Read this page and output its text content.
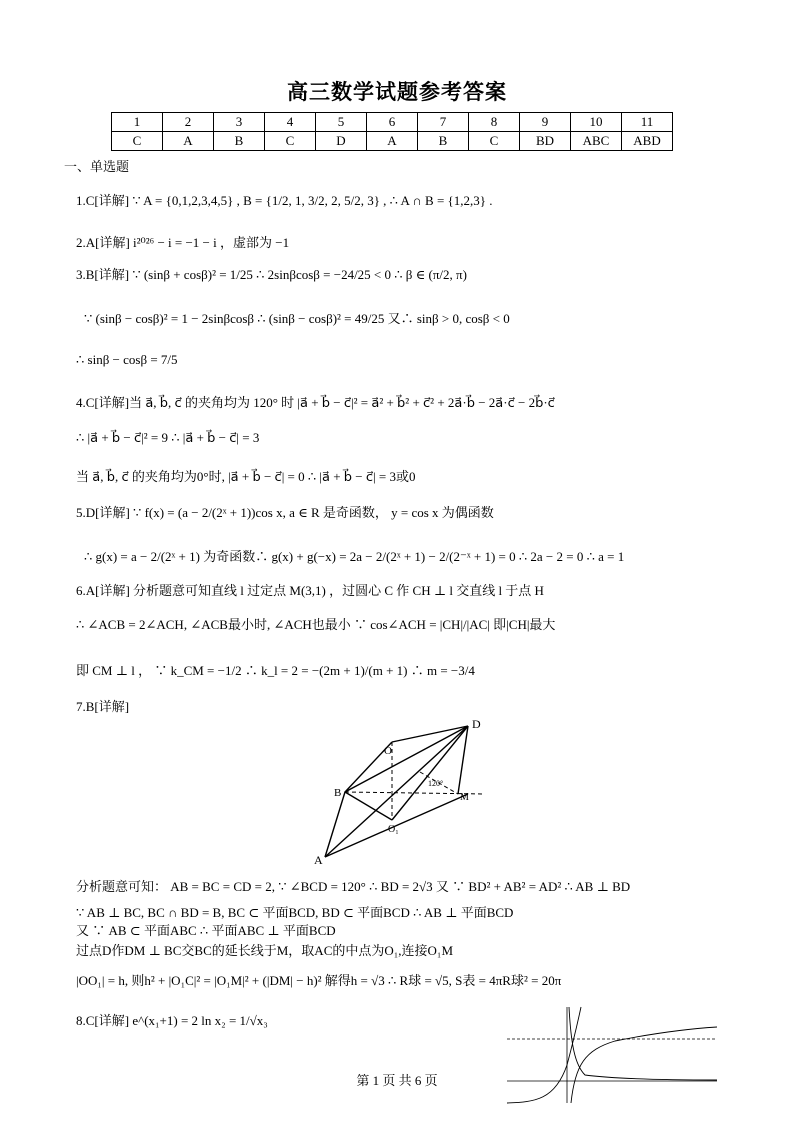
高三数学试题参考答案
1	2	3	4	5	6	7	8	9	10	11
C	A	B	C	D	A	B	C	BD	ABC	ABD
一、单选题
1.C[详解] ∵ A = {0,1,2,3,4,5} , B = {1/2, 1, 3/2, 2, 5/2, 3} , ∴ A ∩ B = {1,2,3} .
2.A[详解] i²⁰²⁶ − i = −1 − i ，虚部为 −1
3.B[详解] ∵ (sinβ + cosβ)² = 1/25 ∴ 2sinβcosβ = −24/25 < 0 ∴ β ∈ (π/2, π)
∵ (sinβ − cosβ)² = 1 − 2sinβcosβ ∴ (sinβ − cosβ)² = 49/25 又∴ sinβ > 0, cosβ < 0
∴ sinβ − cosβ = 7/5
4.C[详解]当 a⃗, b⃗, c⃗ 的夹角均为 120° 时 |a⃗ + b⃗ − c⃗|² = a⃗² + b⃗² + c⃗² + 2a⃗·b⃗ − 2a⃗·c⃗ − 2b⃗·c⃗
∴ |a⃗ + b⃗ − c⃗|² = 9 ∴ |a⃗ + b⃗ − c⃗| = 3
当 a⃗, b⃗, c⃗ 的夹角均为0°时, |a⃗ + b⃗ − c⃗| = 0 ∴ |a⃗ + b⃗ − c⃗| = 3或0
5.D[详解] ∵ f(x) = (a − 2/(2ˣ + 1))cos x, a ∈ R 是奇函数， y = cos x 为偶函数
∴ g(x) = a − 2/(2ˣ + 1) 为奇函数∴ g(x) + g(−x) = 2a − 2/(2ˣ + 1) − 2/(2⁻ˣ + 1) = 0 ∴ 2a − 2 = 0 ∴ a = 1
6.A[详解] 分析题意可知直线 l 过定点 M(3,1) ，过圆心 C 作 CH ⊥ l 交直线 l 于点 H
∴ ∠ACB = 2∠ACH, ∠ACB最小时, ∠ACH也最小 ∵ cos∠ACH = |CH|/|AC| 即|CH|最大
即 CM ⊥ l ， ∵ k_CM = −1/2 ∴ k_l = 2 = −(2m + 1)/(m + 1) ∴ m = −3/4
7.B[详解]
D
O
B
A
O₁
M
120°
分析题意可知： AB = BC = CD = 2, ∵ ∠BCD = 120° ∴ BD = 2√3 又 ∵ BD² + AB² = AD² ∴ AB ⊥ BD
∵ AB ⊥ BC, BC ∩ BD = B, BC ⊂ 平面BCD, BD ⊂ 平面BCD ∴ AB ⊥ 平面BCD
又 ∵ AB ⊂ 平面ABC ∴ 平面ABC ⊥ 平面BCD
过点D作DM ⊥ BC交BC的延长线于M，取AC的中点为O₁,连接O₁M
|OO₁| = h, 则h² + |O₁C|² = |O₁M|² + (|DM| − h)² 解得h = √3 ∴ R球 = √5, S表 = 4πR球² = 20π
8.C[详解] e^(x₁+1) = 2 ln x₂ = 1/√x₃
第 1 页 共 6 页
